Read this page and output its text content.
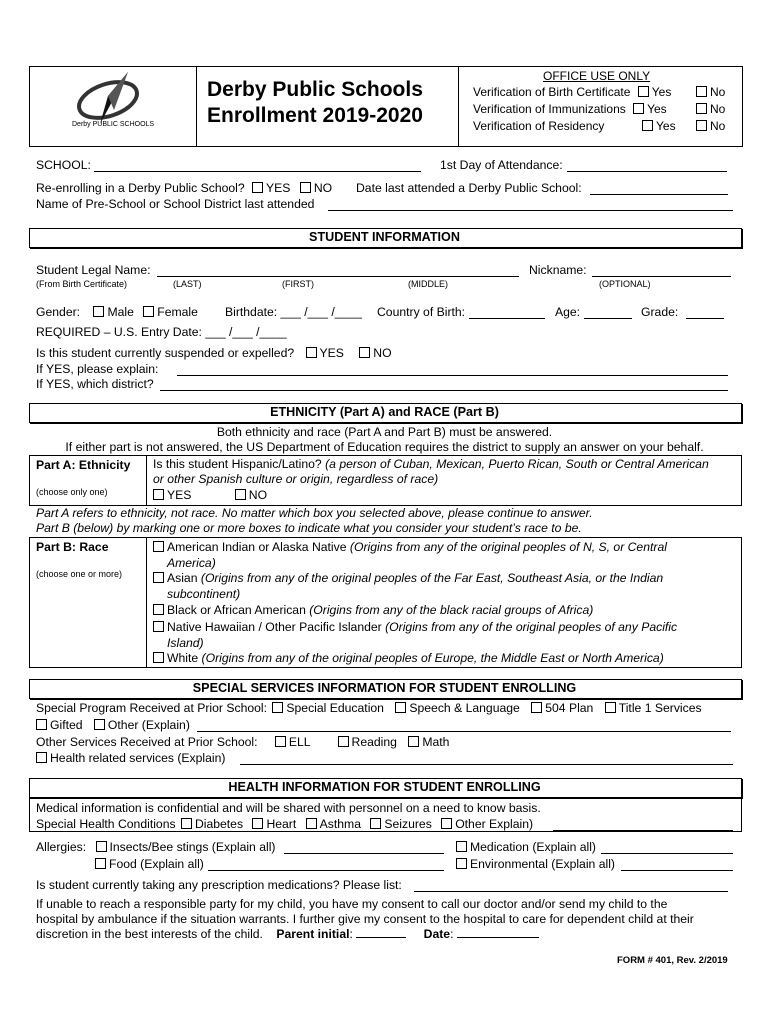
Derby PUBLIC SCHOOLS
Derby Public Schools
Enrollment 2019-2020
OFFICE USE ONLY
Verification of Birth Certificate Yes	No
Verification of Immunizations Yes	No
Verification of Residency	Yes	No
SCHOOL:	1st Day of Attendance:
Re-enrolling in a Derby Public School? YES NO Date last attended a Derby Public School:
Name of Pre-School or School District last attended
STUDENT INFORMATION
Student Legal Name:	Nickname:
(From Birth Certificate)	(LAST)	(FIRST)	(MIDDLE)	(OPTIONAL)
Gender: Male Female Birthdate: ___ /___ /____ Country of Birth:	Age:	Grade:
REQUIRED – U.S. Entry Date: ___ /___ /____
Is this student currently suspended or expelled? YES NO
If YES, please explain:
If YES, which district?
ETHNICITY (Part A) and RACE (Part B)
Both ethnicity and race (Part A and Part B) must be answered.
If either part is not answered, the US Department of Education requires the district to supply an answer on your behalf.
Part A: Ethnicity
(choose only one)
Is this student Hispanic/Latino? (a person of Cuban, Mexican, Puerto Rican, South or Central American
or other Spanish culture or origin, regardless of race)
YES	NO
Part A refers to ethnicity, not race. No matter which box you selected above, please continue to answer.
Part B (below) by marking one or more boxes to indicate what you consider your student’s race to be.
Part B: Race
(choose one or more)
American Indian or Alaska Native (Origins from any of the original peoples of N, S, or Central
America)
Asian (Origins from any of the original peoples of the Far East, Southeast Asia, or the Indian
subcontinent)
Black or African American (Origins from any of the black racial groups of Africa)
Native Hawaiian / Other Pacific Islander (Origins from any of the original peoples of any Pacific
Island)
White (Origins from any of the original peoples of Europe, the Middle East or North America)
SPECIAL SERVICES INFORMATION FOR STUDENT ENROLLING
Special Program Received at Prior School: Special Education Speech & Language 504 Plan Title 1 Services
Gifted Other (Explain)
Other Services Received at Prior School:	ELL	Reading Math
Health related services (Explain)
HEALTH INFORMATION FOR STUDENT ENROLLING
Medical information is confidential and will be shared with personnel on a need to know basis.
Special Health Conditions Diabetes Heart Asthma Seizures Other Explain)
Allergies: Insects/Bee stings (Explain all)	Medication (Explain all)
Food (Explain all)	Environmental (Explain all)
Is student currently taking any prescription medications? Please list:
If unable to reach a responsible party for my child, you have my consent to call our doctor and/or send my child to the
hospital by ambulance if the situation warrants. I further give my consent to the hospital to care for dependent child at their
discretion in the best interests of the child. Parent initial:	Date:
FORM # 401, Rev. 2/2019
